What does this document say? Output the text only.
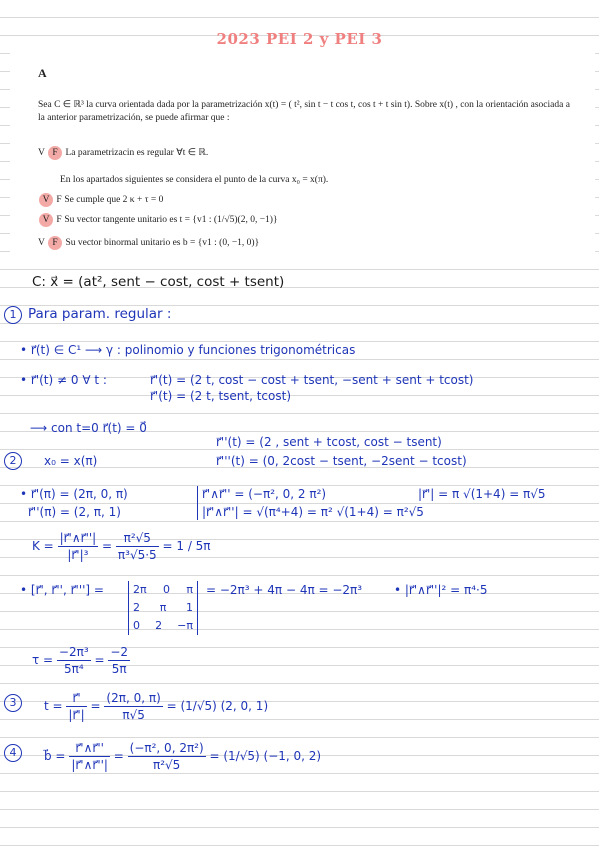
2023 PEI 2 y PEI 3
A
Sea C ∈ ℝ³ la curva orientada dada por la parametrización x(t) = ( t², sin t − t cos t, cos t + t sin t). Sobre x(t) , con la orientación asociada a la anterior parametrización, se puede afirmar que :
V F La parametrizacin es regular ∀t ∈ ℝ.
En los apartados siguientes se considera el punto de la curva x₀ = x(π).
V F Se cumple que 2 κ + τ = 0
V F Su vector tangente unitario es t = {v1 : (1/√5)(2, 0, −1)}
V F Su vector binormal unitario es b = {v1 : (0, −1, 0)}
C: x⃗ = (at², sent − cost, cost + tsent)
1 Para param. regular :
• r⃗(t) ∈ C¹ ⟶ γ : polinomio y funciones trigonométricas
• r⃗'(t) ≠ 0 ∀ t :	r⃗'(t) = (2 t, cost − cost + tsent, −sent + sent + tcost)
r⃗'(t) = (2 t, tsent, tcost)
⟶ con t=0 r⃗(t) = 0⃗
r⃗''(t) = (2 , sent + tcost, cost − tsent)
2	x₀ = x(π)	r⃗'''(t) = (0, 2cost − tsent, −2sent − tcost)
• r⃗'(π) = (2π, 0, π)	r⃗'∧r⃗'' = (−π², 0, 2 π²)	|r⃗'| = π √(1+4) = π√5
r⃗''(π) = (2, π, 1)	|r⃗'∧r⃗''| = √(π⁴+4) = π² √(1+4) = π²√5
$K = \frac{|r⃗'\wedge r⃗''|}{\text{|r⃗'|³}} = \frac{\text{π²√5}}{\text{π³√5·5}} = 1 / 5\pi$
• [r⃗', r⃗'', r⃗'''] =	2π 0 π
2 π 1
0 2 −π
= −2π³ + 4π − 4π = −2π³	• |r⃗'∧r⃗''|² = π⁴·5
$\tau = \frac{\text{−2π³}}{\text{5π⁴}} = \frac{-2}{5\pi}$
3	$t = \frac{r⃗'}{|r⃗'|} = \frac{(2\pi, 0, \pi)}{\pi√5} = (1/√5)$ (2, 0, 1)
4	b⃗ = $\frac{r⃗'\wedge r⃗''}{|r⃗'\wedge r⃗''|} = \frac{\text{(−π², 0, 2π²)}}{\text{π²√5}} = (1/√5)$ (−1, 0, 2)
